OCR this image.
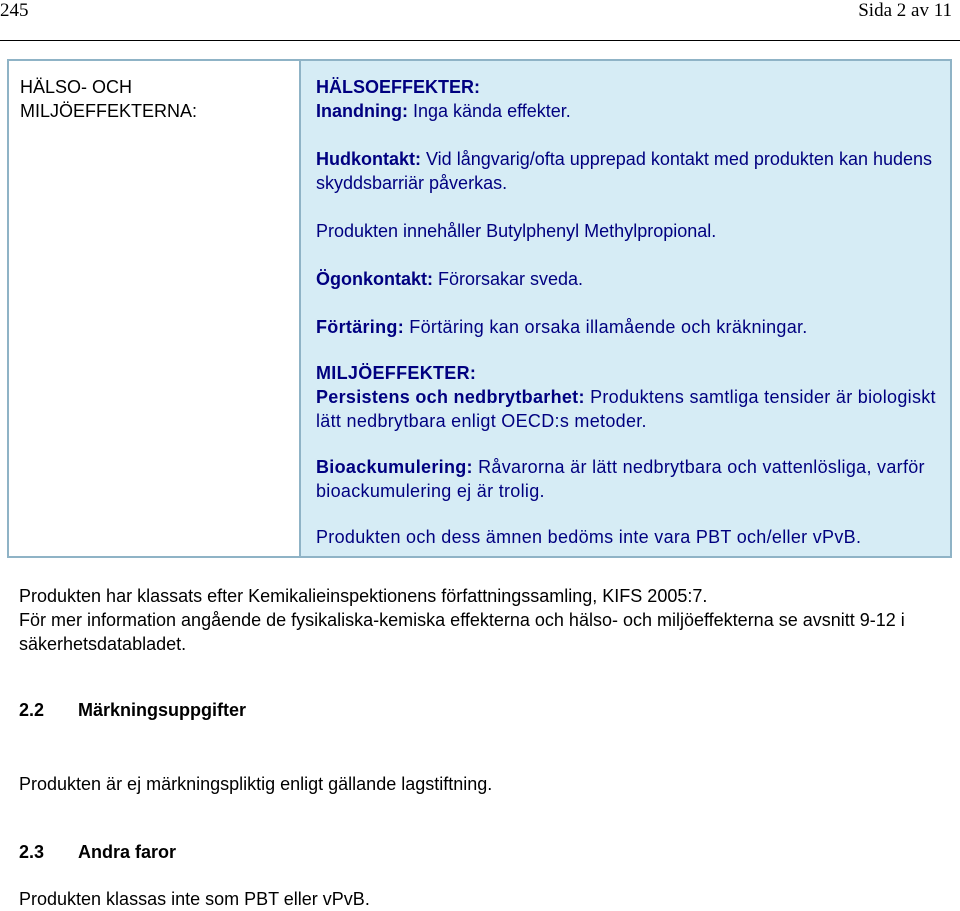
245	Sida 2 av 11
HÄLSO- OCH
MILJÖEFFEKTERNA:

HÄLSOEFFEKTER:

Inandning: Inga kända effekter.

Hudkontakt: Vid långvarig/ofta upprepad kontakt med produkten kan hudens skyddsbarriär påverkas.

Produkten innehåller Butylphenyl Methylpropional.

Ögonkontakt: Förorsakar sveda.

Förtäring: Förtäring kan orsaka illamående och kräkningar.

MILJÖEFFEKTER:

Persistens och nedbrytbarhet: Produktens samtliga tensider är biologiskt lätt nedbrytbara enligt OECD:s metoder.

Bioackumulering: Råvarorna är lätt nedbrytbara och vattenlösliga, varför bioackumulering ej är trolig.

Produkten och dess ämnen bedöms inte vara PBT och/eller vPvB.

Produkten har klassats efter Kemikalieinspektionens författningssamling, KIFS 2005:7.
För mer information angående de fysikaliska-kemiska effekterna och hälso- och miljöeffekterna se avsnitt 9-12 i säkerhetsdatabladet.
2.2 Märkningsuppgifter
Produkten är ej märkningspliktig enligt gällande lagstiftning.
2.3 Andra faror
Produkten klassas inte som PBT eller vPvB.
